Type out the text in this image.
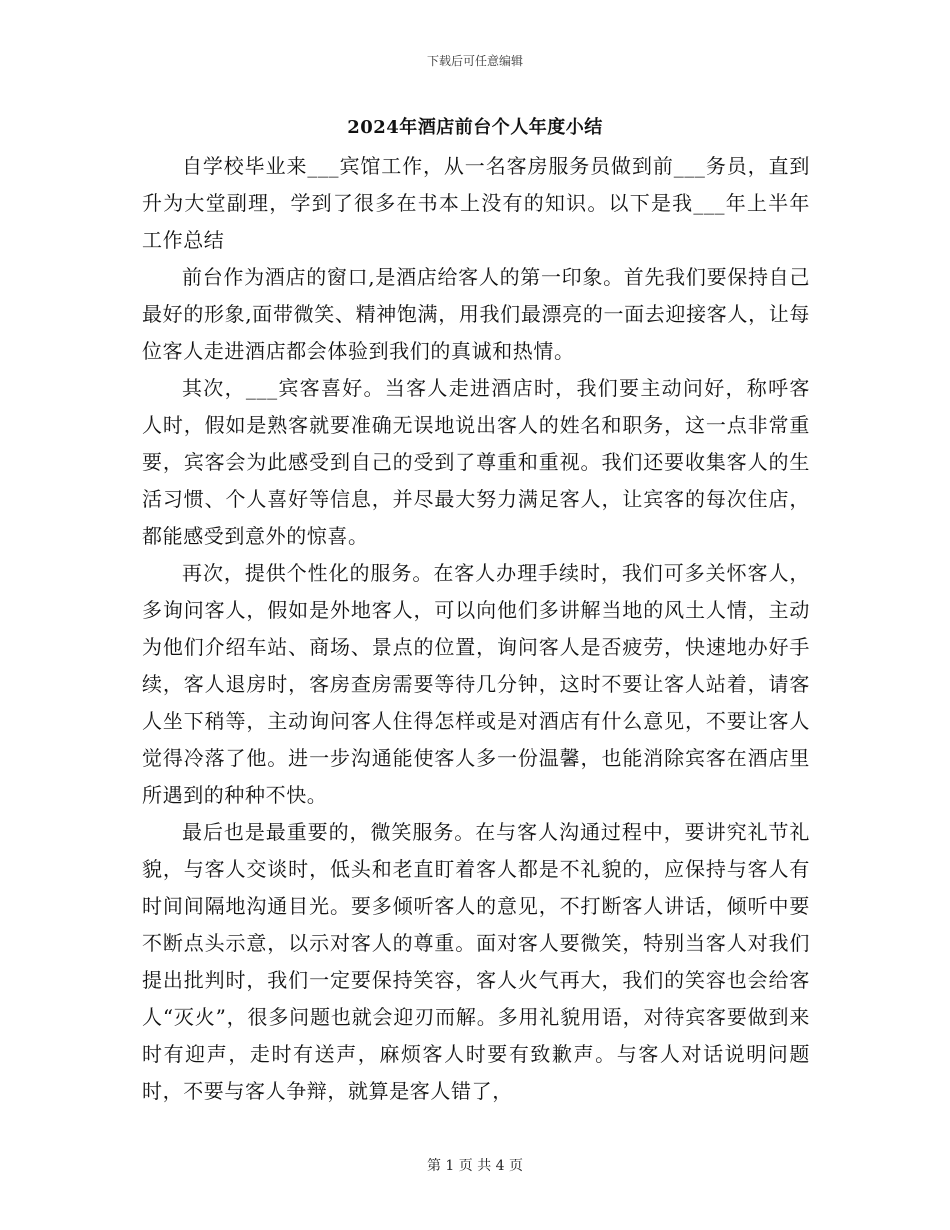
下载后可任意编辑
2024年酒店前台个人年度小结

自学校毕业来___宾馆工作，从一名客房服务员做到前___务员，直到升为大堂副理，学到了很多在书本上没有的知识。以下是我___年上半年工作总结

前台作为酒店的窗口,是酒店给客人的第一印象。首先我们要保持自己最好的形象,面带微笑、精神饱满，用我们最漂亮的一面去迎接客人，让每位客人走进酒店都会体验到我们的真诚和热情。

其次，___宾客喜好。当客人走进酒店时，我们要主动问好，称呼客人时，假如是熟客就要准确无误地说出客人的姓名和职务，这一点非常重要，宾客会为此感受到自己的受到了尊重和重视。我们还要收集客人的生活习惯、个人喜好等信息，并尽最大努力满足客人，让宾客的每次住店，都能感受到意外的惊喜。

再次，提供个性化的服务。在客人办理手续时，我们可多关怀客人，多询问客人，假如是外地客人，可以向他们多讲解当地的风土人情，主动为他们介绍车站、商场、景点的位置，询问客人是否疲劳，快速地办好手续，客人退房时，客房查房需要等待几分钟，这时不要让客人站着，请客人坐下稍等，主动询问客人住得怎样或是对酒店有什么意见，不要让客人觉得冷落了他。进一步沟通能使客人多一份温馨，也能消除宾客在酒店里所遇到的种种不快。

最后也是最重要的，微笑服务。在与客人沟通过程中，要讲究礼节礼貌，与客人交谈时，低头和老直盯着客人都是不礼貌的，应保持与客人有时间间隔地沟通目光。要多倾听客人的意见，不打断客人讲话，倾听中要不断点头示意，以示对客人的尊重。面对客人要微笑，特别当客人对我们提出批判时，我们一定要保持笑容，客人火气再大，我们的笑容也会给客人“灭火”，很多问题也就会迎刃而解。多用礼貌用语，对待宾客要做到来时有迎声，走时有送声，麻烦客人时要有致歉声。与客人对话说明问题时，不要与客人争辩，就算是客人错了，

第 1 页 共 4 页
